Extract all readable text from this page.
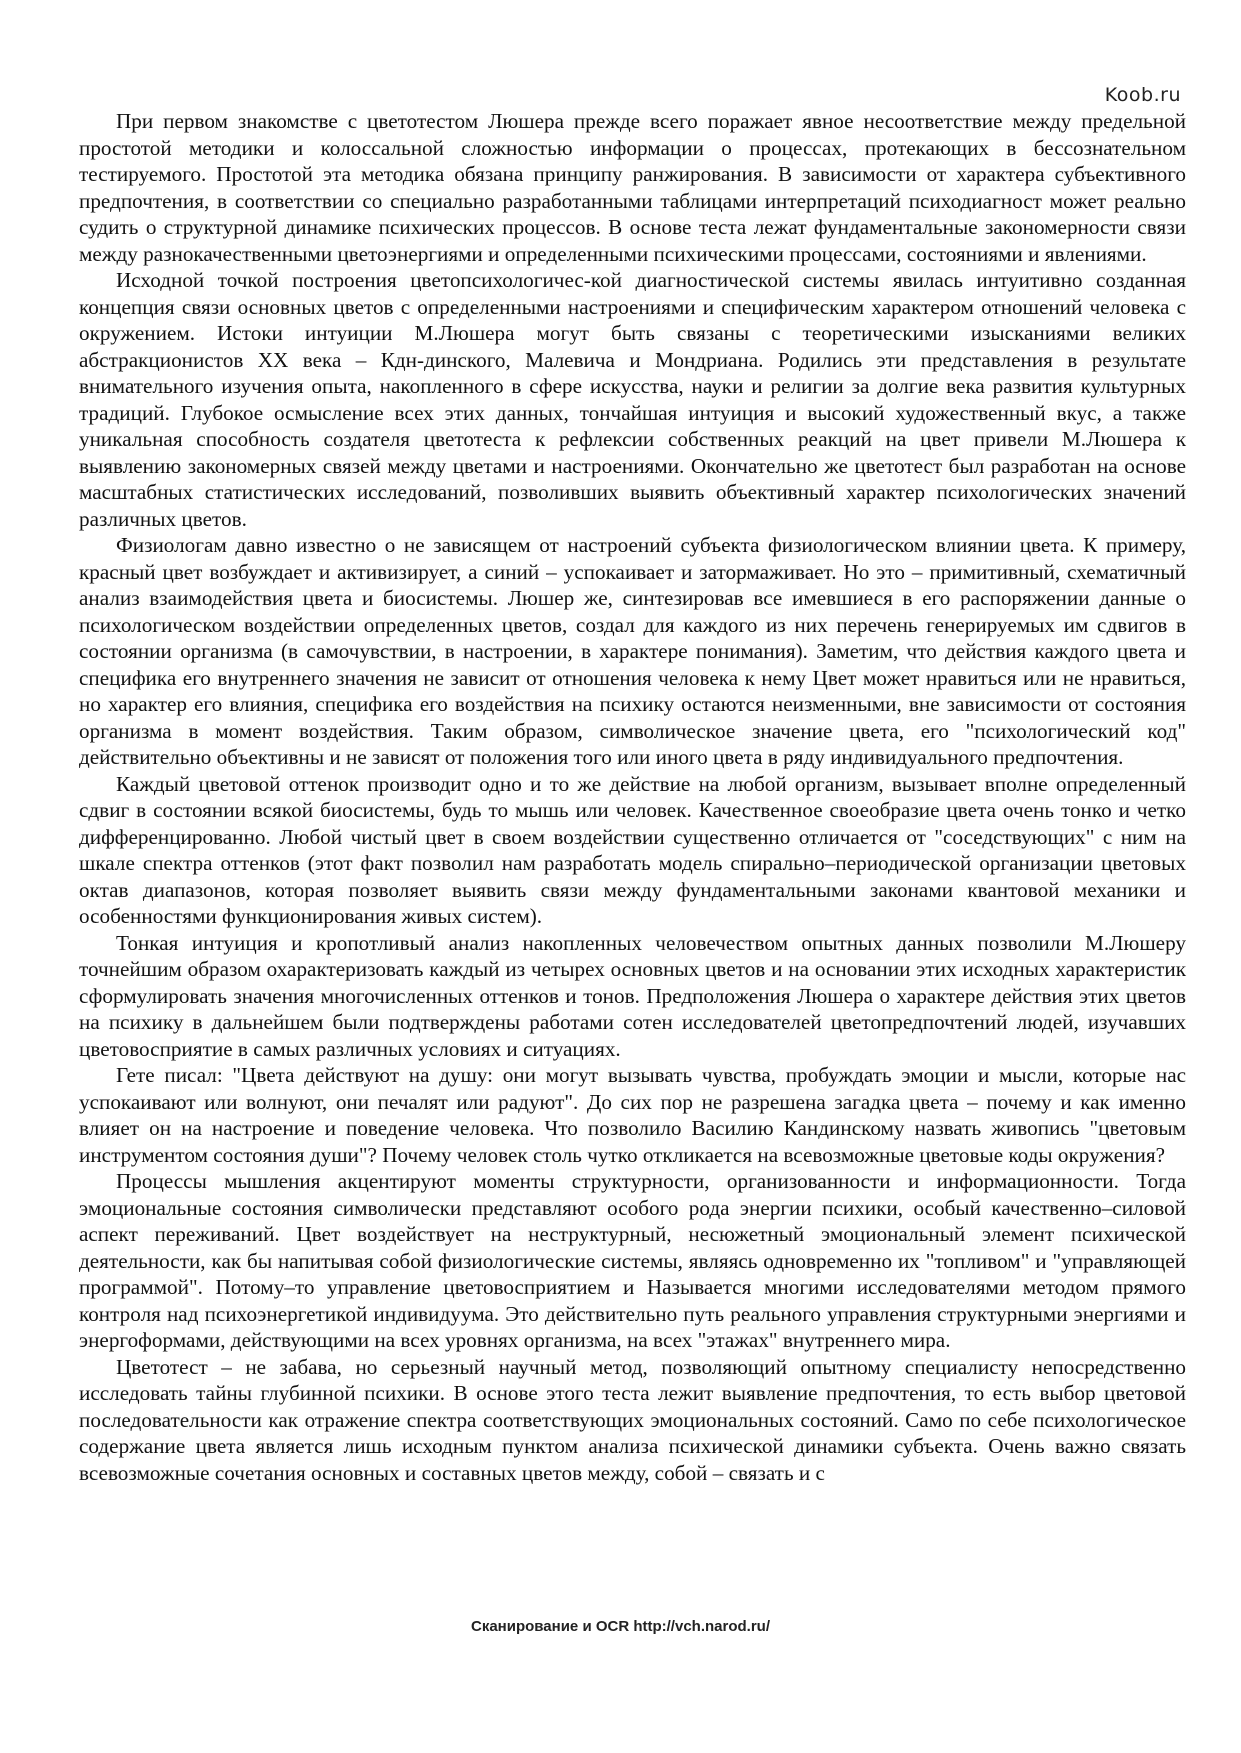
Koob.ru

При первом знакомстве с цветотестом Люшера прежде всего поражает явное несоответствие между предельной простотой методики и колоссальной сложностью информации о процессах, протекающих в бессознательном тестируемого. Простотой эта методика обязана принципу ранжирования. В зависимости от характера субъективного предпочтения, в соответствии со специально разработанными таблицами интерпретаций психодиагност может реально судить о структурной динамике психических процессов. В основе теста лежат фундаментальные закономерности связи между разнокачественными цветоэнергиями и определенными психическими процессами, состояниями и явлениями.

Исходной точкой построения цветопсихологичес-кой диагностической системы явилась интуитивно созданная концепция связи основных цветов с определенными настроениями и специфическим характером отношений человека с окружением. Истоки интуиции М.Люшера могут быть связаны с теоретическими изысканиями великих абстракционистов XX века – Кдн-динского, Малевича и Мондриана. Родились эти представления в результате внимательного изучения опыта, накопленного в сфере искусства, науки и религии за долгие века развития культурных традиций. Глубокое осмысление всех этих данных, тончайшая интуиция и высокий художественный вкус, а также уникальная способность создателя цветотеста к рефлексии собственных реакций на цвет привели М.Люшера к выявлению закономерных связей между цветами и настроениями. Окончательно же цветотест был разработан на основе масштабных статистических исследований, позволивших выявить объективный характер психологических значений различных цветов.

Физиологам давно известно о не зависящем от настроений субъекта физиологическом влиянии цвета. К примеру, красный цвет возбуждает и активизирует, а синий – успокаивает и затормаживает. Но это – примитивный, схематичный анализ взаимодействия цвета и биосистемы. Люшер же, синтезировав все имевшиеся в его распоряжении данные о психологическом воздействии определенных цветов, создал для каждого из них перечень генерируемых им сдвигов в состоянии организма (в самочувствии, в настроении, в характере понимания). Заметим, что действия каждого цвета и специфика его внутреннего значения не зависит от отношения человека к нему Цвет может нравиться или не нравиться, но характер его влияния, специфика его воздействия на психику остаются неизменными, вне зависимости от состояния организма в момент воздействия. Таким образом, символическое значение цвета, его "психологический код" действительно объективны и не зависят от положения того или иного цвета в ряду индивидуального предпочтения.

Каждый цветовой оттенок производит одно и то же действие на любой организм, вызывает вполне определенный сдвиг в состоянии всякой биосистемы, будь то мышь или человек. Качественное своеобразие цвета очень тонко и четко дифференцированно. Любой чистый цвет в своем воздействии существенно отличается от "соседствующих" с ним на шкале спектра оттенков (этот факт позволил нам разработать модель спирально–периодической организации цветовых октав диапазонов, которая позволяет выявить связи между фундаментальными законами квантовой механики и особенностями функционирования живых систем).

Тонкая интуиция и кропотливый анализ накопленных человечеством опытных данных позволили М.Люшеру точнейшим образом охарактеризовать каждый из четырех основных цветов и на основании этих исходных характеристик сформулировать значения многочисленных оттенков и тонов. Предположения Люшера о характере действия этих цветов на психику в дальнейшем были подтверждены работами сотен исследователей цветопредпочтений людей, изучавших цветовосприятие в самых различных условиях и ситуациях.

Гете писал: "Цвета действуют на душу: они могут вызывать чувства, пробуждать эмоции и мысли, которые нас успокаивают или волнуют, они печалят или радуют". До сих пор не разрешена загадка цвета – почему и как именно влияет он на настроение и поведение человека. Что позволило Василию Кандинскому назвать живопись "цветовым инструментом состояния души"? Почему человек столь чутко откликается на всевозможные цветовые коды окружения?

Процессы мышления акцентируют моменты структурности, организованности и информационности. Тогда эмоциональные состояния символически представляют особого рода энергии психики, особый качественно–силовой аспект переживаний. Цвет воздействует на неструктурный, несюжетный эмоциональный элемент психической деятельности, как бы напитывая собой физиологические системы, являясь одновременно их "топливом" и "управляющей программой". Потому–то управление цветовосприятием и Называется многими исследователями методом прямого контроля над психоэнергетикой индивидуума. Это действительно путь реального управления структурными энергиями и энергоформами, действующими на всех уровнях организма, на всех "этажах" внутреннего мира.

Цветотест – не забава, но серьезный научный метод, позволяющий опытному специалисту непосредственно исследовать тайны глубинной психики. В основе этого теста лежит выявление предпочтения, то есть выбор цветовой последовательности как отражение спектра соответствующих эмоциональных состояний. Само по себе психологическое содержание цвета является лишь исходным пунктом анализа психической динамики субъекта. Очень важно связать всевозможные сочетания основных и составных цветов между, собой – связать и с

Сканирование и OCR http://vch.narod.ru/
